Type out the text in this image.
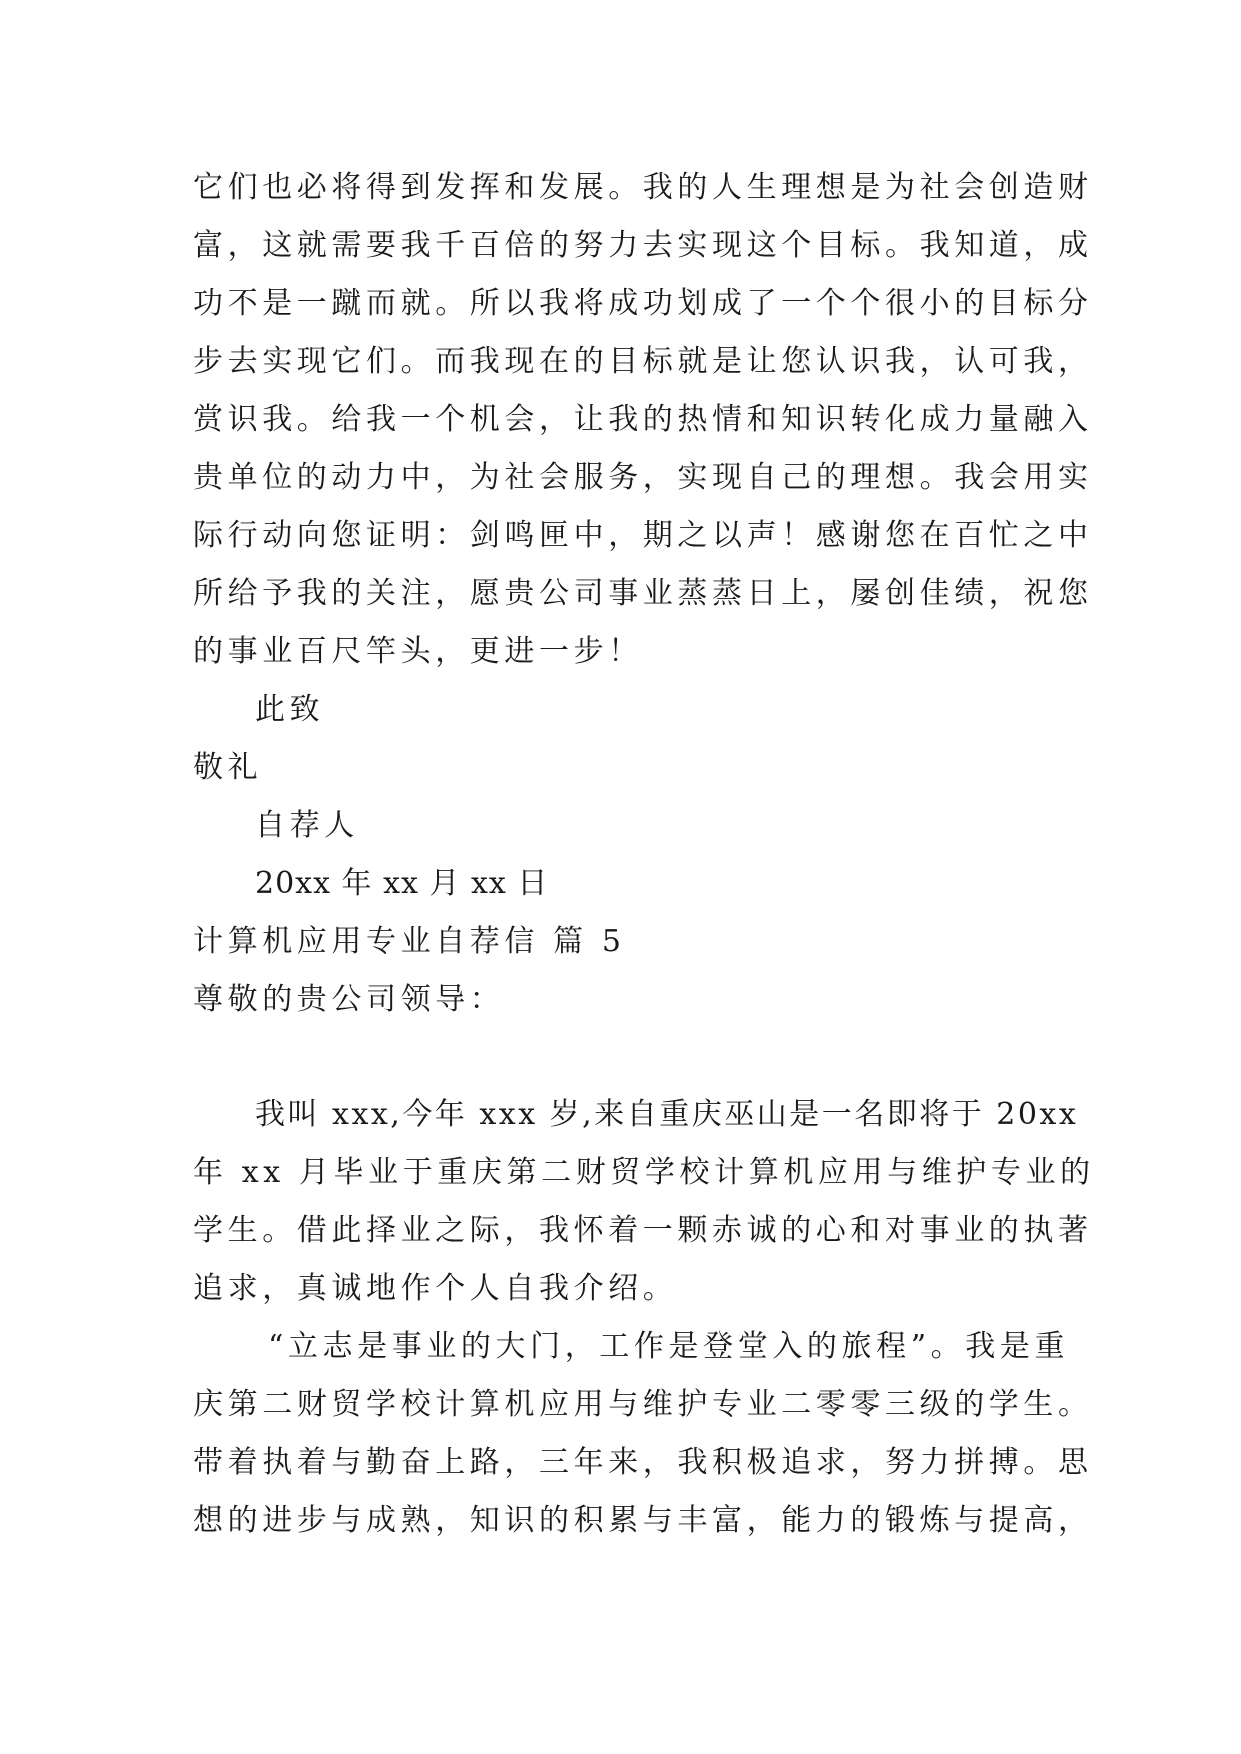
它们也必将得到发挥和发展。我的人生理想是为社会创造财
富，这就需要我千百倍的努力去实现这个目标。我知道，成
功不是一蹴而就。所以我将成功划成了一个个很小的目标分
步去实现它们。而我现在的目标就是让您认识我，认可我，
赏识我。给我一个机会，让我的热情和知识转化成力量融入
贵单位的动力中，为社会服务，实现自己的理想。我会用实
际行动向您证明：剑鸣匣中，期之以声！感谢您在百忙之中
所给予我的关注，愿贵公司事业蒸蒸日上，屡创佳绩，祝您
的事业百尺竿头，更进一步！
此致
敬礼
自荐人
20xx 年 xx 月 xx 日
计算机应用专业自荐信 篇 5
尊敬的贵公司领导：
我叫 xxx,今年 xxx 岁,来自重庆巫山是一名即将于 20xx
年 xx 月毕业于重庆第二财贸学校计算机应用与维护专业的
学生。借此择业之际，我怀着一颗赤诚的心和对事业的执著
追求，真诚地作个人自我介绍。
“立志是事业的大门，工作是登堂入的旅程”。我是重
庆第二财贸学校计算机应用与维护专业二零零三级的学生。
带着执着与勤奋上路，三年来，我积极追求，努力拼搏。思
想的进步与成熟，知识的积累与丰富，能力的锻炼与提高，
